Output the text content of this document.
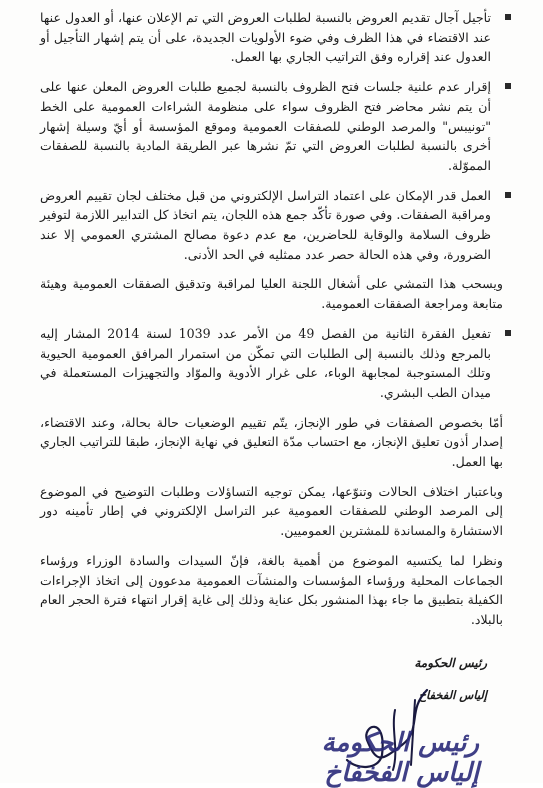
تأجيل آجال تقديم العروض بالنسبة لطلبات العروض التي تم الإعلان عنها، أو العدول عنها عند الاقتضاء في هذا الظرف وفي ضوء الأولويات الجديدة، على أن يتم إشهار التأجيل أو العدول عند إقراره وفق التراتيب الجاري بها العمل.
إقرار عدم علنية جلسات فتح الظروف بالنسبة لجميع طلبات العروض المعلن عنها على أن يتم نشر محاضر فتح الظروف سواء على منظومة الشراءات العمومية على الخط "تونيبس" والمرصد الوطني للصفقات العمومية وموقع المؤسسة أو أيّ وسيلة إشهار أخرى بالنسبة لطلبات العروض التي تمّ نشرها عبر الطريقة المادية بالنسبة للصفقات المموّلة.
العمل قدر الإمكان على اعتماد التراسل الإلكتروني من قبل مختلف لجان تقييم العروض ومراقبة الصفقات. وفي صورة تأكّد جمع هذه اللجان، يتم اتخاذ كل التدابير اللازمة لتوفير ظروف السلامة والوقاية للحاضرين، مع عدم دعوة مصالح المشتري العمومي إلا عند الضرورة، وفي هذه الحالة حصر عدد ممثليه في الحد الأدنى.
ويسحب هذا التمشي على أشغال اللجنة العليا لمراقبة وتدقيق الصفقات العمومية وهيئة متابعة ومراجعة الصفقات العمومية.
تفعيل الفقرة الثانية من الفصل 49 من الأمر عدد 1039 لسنة 2014 المشار إليه بالمرجع وذلك بالنسبة إلى الطلبات التي تمكّن من استمرار المرافق العمومية الحيوية وتلك المستوجبة لمجابهة الوباء، على غرار الأدوية والموّاد والتجهيزات المستعملة في ميدان الطب البشري.
أمّا بخصوص الصفقات في طور الإنجاز، يتّم تقييم الوضعيات حالة بحالة، وعند الاقتضاء، إصدار أذون تعليق الإنجاز، مع احتساب مدّة التعليق في نهاية الإنجاز، طبقا للتراتيب الجاري بها العمل.
وباعتبار اختلاف الحالات وتنوّعها، يمكن توجيه التساؤلات وطلبات التوضيح في الموضوع إلى المرصد الوطني للصفقات العمومية عبر التراسل الإلكتروني في إطار تأمينه دور الاستشارة والمساندة للمشترين العموميين.
ونظرا لما يكتسيه الموضوع من أهمية بالغة، فإنّ السيدات والسادة الوزراء ورؤساء الجماعات المحلية ورؤساء المؤسسات والمنشآت العمومية مدعوون إلى اتخاذ الإجراءات الكفيلة بتطبيق ما جاء بهذا المنشور بكل عناية وذلك إلى غاية إقرار انتهاء فترة الحجر العام بالبلاد.
رئيس الحكومة
إلياس الفخفاخ
رئيس الحكومة
إلياس الفخفاخ
